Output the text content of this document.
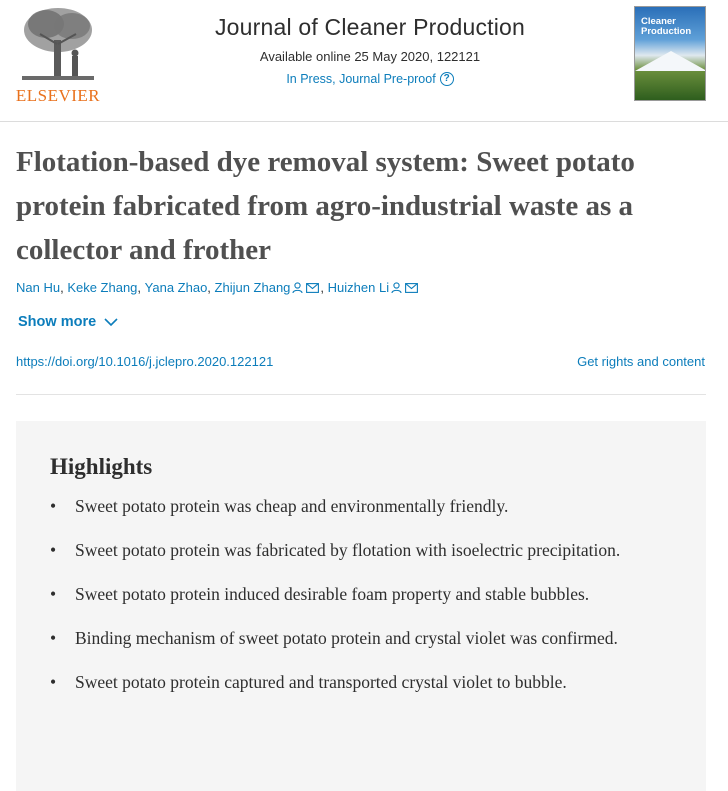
ELSEVIER
Journal of Cleaner Production
Available online 25 May 2020, 122121
In Press, Journal Pre-proof ?
Cleaner Production
Flotation-based dye removal system: Sweet potato protein fabricated from agro-industrial waste as a collector and frother
Nan Hu , Keke Zhang , Yana Zhao , Zhijun Zhang , Huizhen Li
Show more
https://doi.org/10.1016/j.jclepro.2020.122121	Get rights and content
Highlights
• Sweet potato protein was cheap and environmentally friendly.
• Sweet potato protein was fabricated by flotation with isoelectric precipitation.
• Sweet potato protein induced desirable foam property and stable bubbles.
• Binding mechanism of sweet potato protein and crystal violet was confirmed.
• Sweet potato protein captured and transported crystal violet to bubble.
